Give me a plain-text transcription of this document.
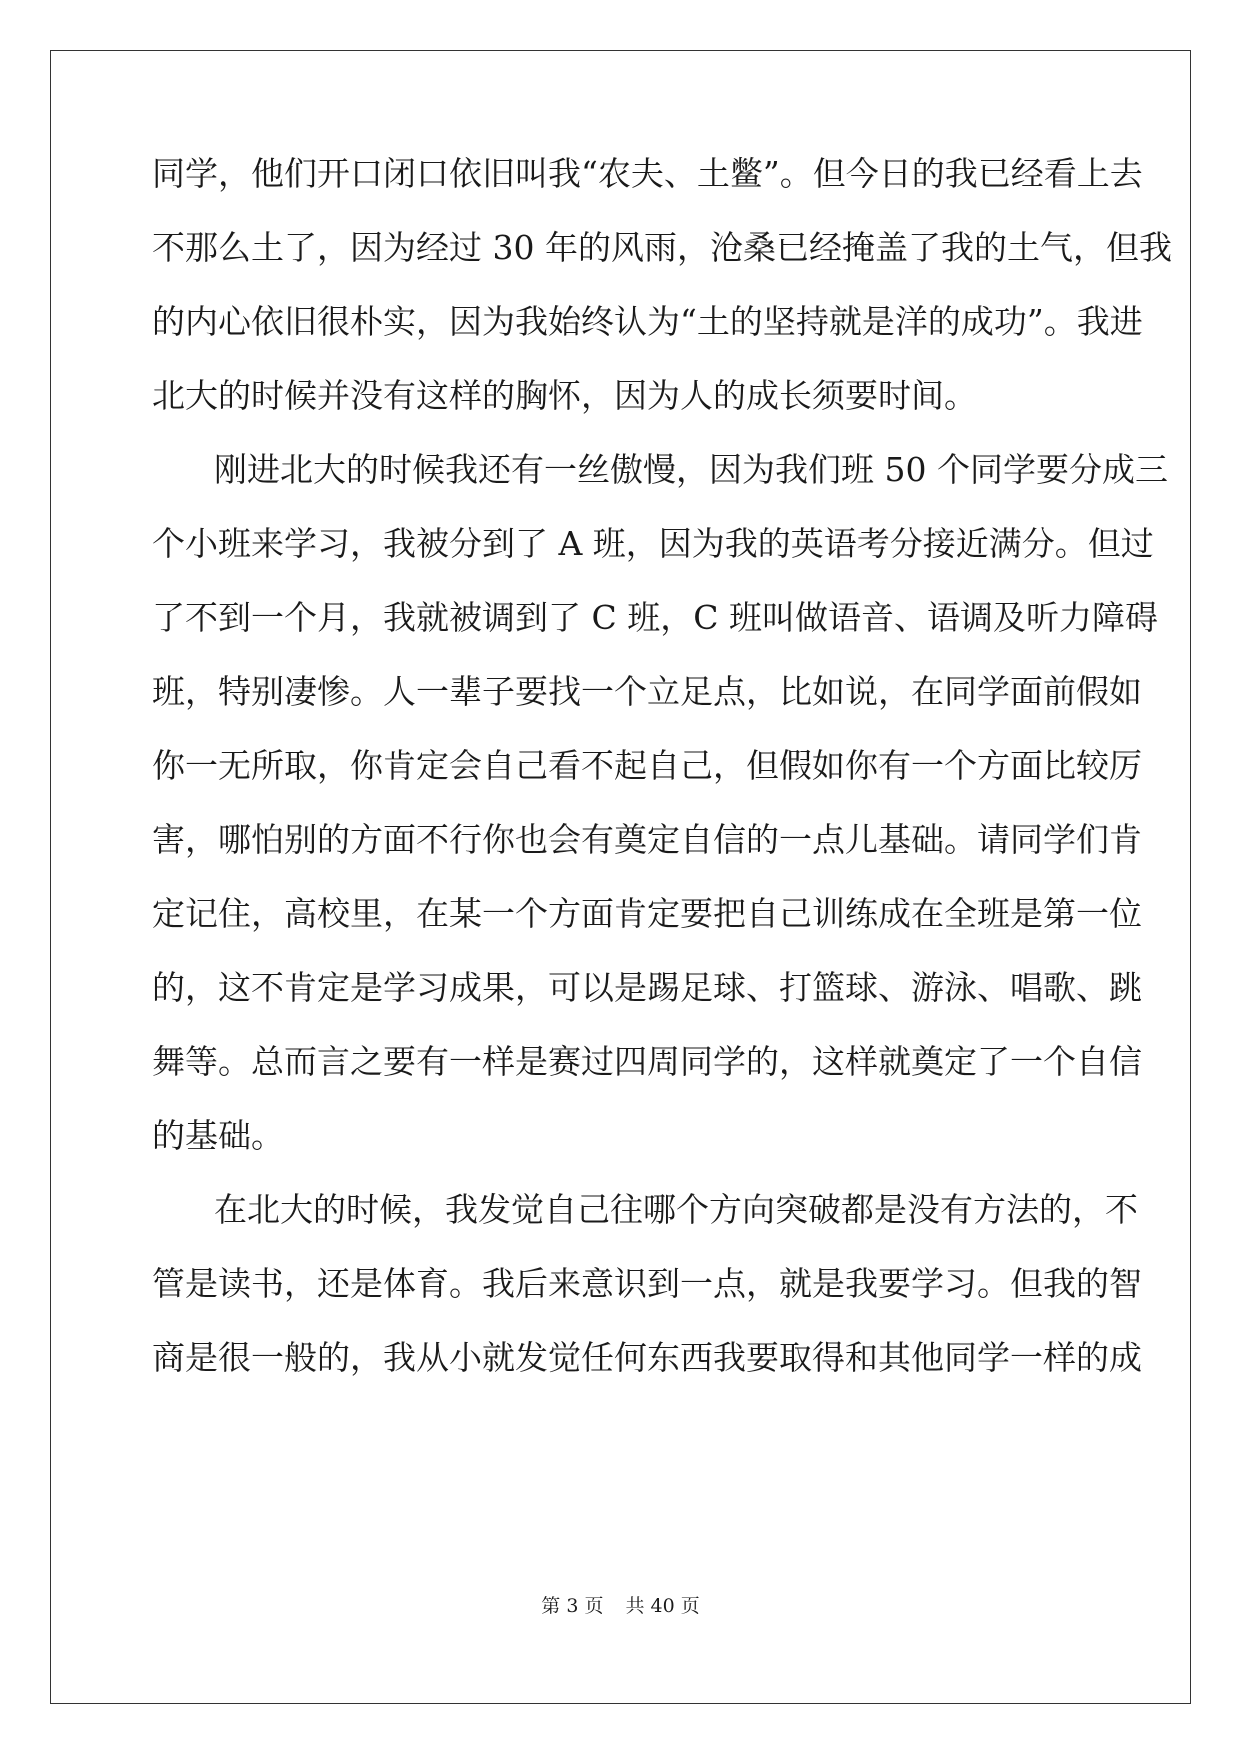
同学，他们开口闭口依旧叫我“农夫、土鳖”。但今日的我已经看上去
不那么土了，因为经过 30 年的风雨，沧桑已经掩盖了我的土气，但我
的内心依旧很朴实，因为我始终认为“土的坚持就是洋的成功”。我进
北大的时候并没有这样的胸怀，因为人的成长须要时间。
刚进北大的时候我还有一丝傲慢，因为我们班 50 个同学要分成三
个小班来学习，我被分到了 A 班，因为我的英语考分接近满分。但过
了不到一个月，我就被调到了 C 班，C 班叫做语音、语调及听力障碍
班，特别凄惨。人一辈子要找一个立足点，比如说，在同学面前假如
你一无所取，你肯定会自己看不起自己，但假如你有一个方面比较厉
害，哪怕别的方面不行你也会有奠定自信的一点儿基础。请同学们肯
定记住，高校里，在某一个方面肯定要把自己训练成在全班是第一位
的，这不肯定是学习成果，可以是踢足球、打篮球、游泳、唱歌、跳
舞等。总而言之要有一样是赛过四周同学的，这样就奠定了一个自信
的基础。
在北大的时候，我发觉自己往哪个方向突破都是没有方法的，不
管是读书，还是体育。我后来意识到一点，就是我要学习。但我的智
商是很一般的，我从小就发觉任何东西我要取得和其他同学一样的成
第 3 页 共 40 页
